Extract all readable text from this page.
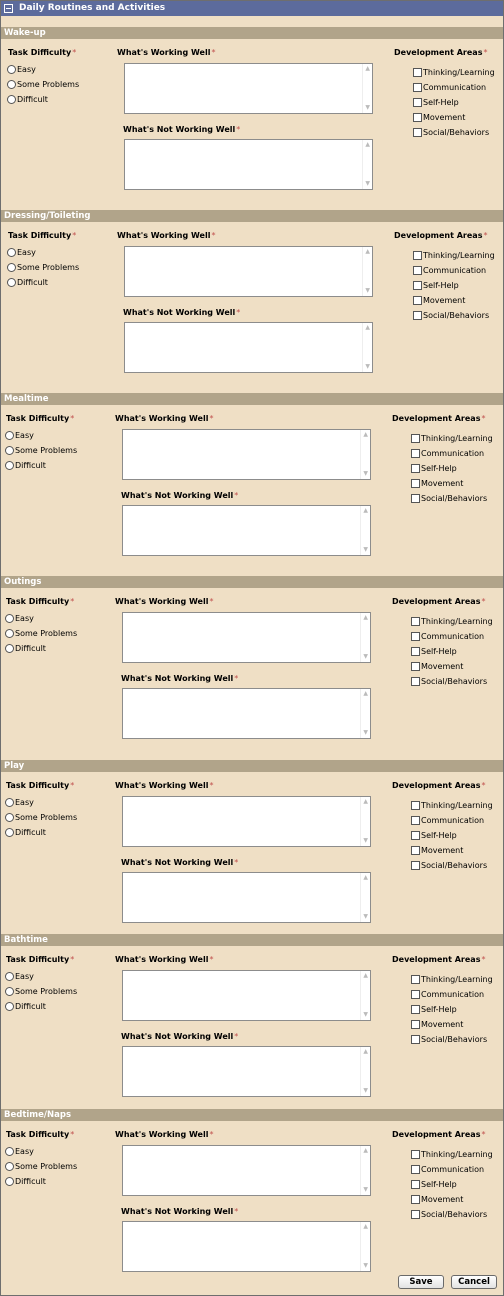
Daily Routines and Activities
Wake-up
Task Difficulty*
Easy
Some Problems
Difficult
What's Working Well*
▲
▼
What's Not Working Well*
▲
▼
Development Areas*
Thinking/Learning
Communication
Self-Help
Movement
Social/Behaviors
Dressing/Toileting
Task Difficulty*
Easy
Some Problems
Difficult
What's Working Well*
▲
▼
What's Not Working Well*
▲
▼
Development Areas*
Thinking/Learning
Communication
Self-Help
Movement
Social/Behaviors
Mealtime
Task Difficulty*
Easy
Some Problems
Difficult
What's Working Well*
▲
▼
What's Not Working Well*
▲
▼
Development Areas*
Thinking/Learning
Communication
Self-Help
Movement
Social/Behaviors
Outings
Task Difficulty*
Easy
Some Problems
Difficult
What's Working Well*
▲
▼
What's Not Working Well*
▲
▼
Development Areas*
Thinking/Learning
Communication
Self-Help
Movement
Social/Behaviors
Play
Task Difficulty*
Easy
Some Problems
Difficult
What's Working Well*
▲
▼
What's Not Working Well*
▲
▼
Development Areas*
Thinking/Learning
Communication
Self-Help
Movement
Social/Behaviors
Bathtime
Task Difficulty*
Easy
Some Problems
Difficult
What's Working Well*
▲
▼
What's Not Working Well*
▲
▼
Development Areas*
Thinking/Learning
Communication
Self-Help
Movement
Social/Behaviors
Bedtime/Naps
Task Difficulty*
Easy
Some Problems
Difficult
What's Working Well*
▲
▼
What's Not Working Well*
▲
▼
Development Areas*
Thinking/Learning
Communication
Self-Help
Movement
Social/Behaviors
Save	Cancel
